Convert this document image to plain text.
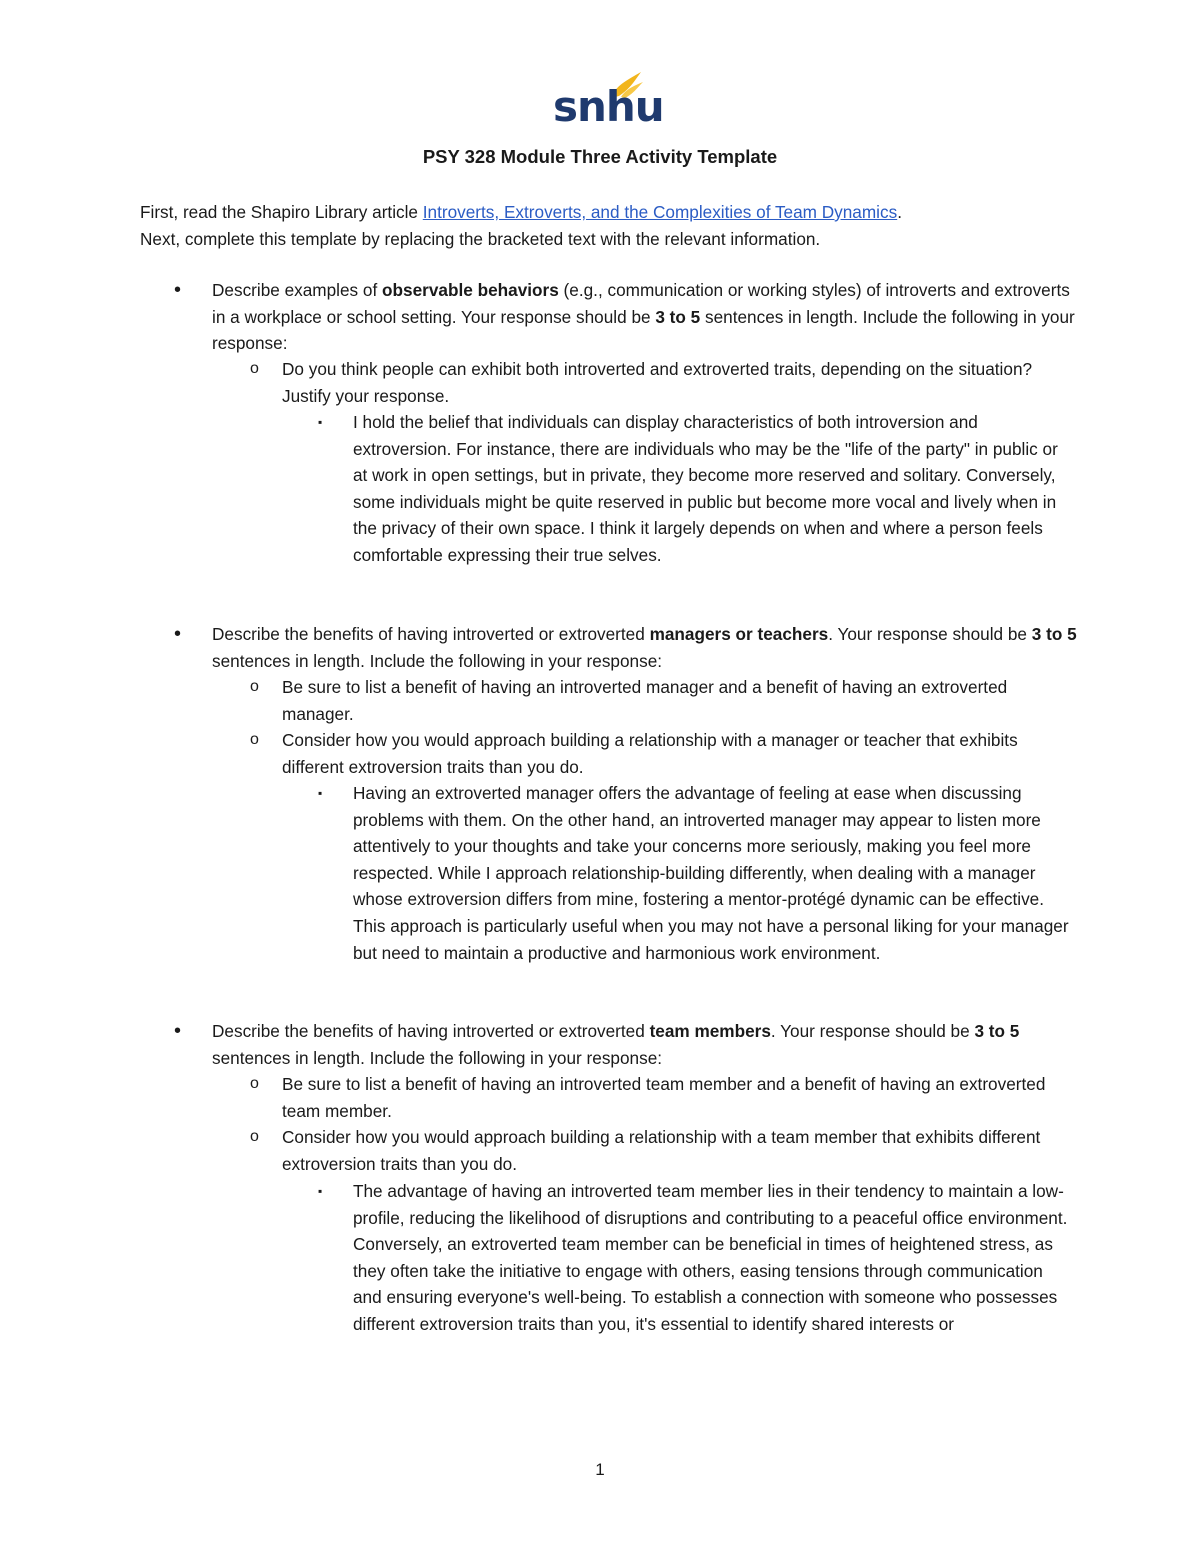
snhu
PSY 328 Module Three Activity Template
First, read the Shapiro Library article Introverts, Extroverts, and the Complexities of Team Dynamics.
Next, complete this template by replacing the bracketed text with the relevant information.
• Describe examples of observable behaviors (e.g., communication or working styles) of introverts and extroverts in a workplace or school setting. Your response should be 3 to 5 sentences in length. Include the following in your response:
o Do you think people can exhibit both introverted and extroverted traits, depending on the situation? Justify your response.
▪ I hold the belief that individuals can display characteristics of both introversion and extroversion. For instance, there are individuals who may be the "life of the party" in public or at work in open settings, but in private, they become more reserved and solitary. Conversely, some individuals might be quite reserved in public but become more vocal and lively when in the privacy of their own space. I think it largely depends on when and where a person feels comfortable expressing their true selves.
• Describe the benefits of having introverted or extroverted managers or teachers. Your response should be 3 to 5 sentences in length. Include the following in your response:
o Be sure to list a benefit of having an introverted manager and a benefit of having an extroverted manager.
o Consider how you would approach building a relationship with a manager or teacher that exhibits different extroversion traits than you do.
▪ Having an extroverted manager offers the advantage of feeling at ease when discussing problems with them. On the other hand, an introverted manager may appear to listen more attentively to your thoughts and take your concerns more seriously, making you feel more respected. While I approach relationship-building differently, when dealing with a manager whose extroversion differs from mine, fostering a mentor-protégé dynamic can be effective. This approach is particularly useful when you may not have a personal liking for your manager but need to maintain a productive and harmonious work environment.
• Describe the benefits of having introverted or extroverted team members. Your response should be 3 to 5 sentences in length. Include the following in your response:
o Be sure to list a benefit of having an introverted team member and a benefit of having an extroverted team member.
o Consider how you would approach building a relationship with a team member that exhibits different extroversion traits than you do.
▪ The advantage of having an introverted team member lies in their tendency to maintain a low-profile, reducing the likelihood of disruptions and contributing to a peaceful office environment. Conversely, an extroverted team member can be beneficial in times of heightened stress, as they often take the initiative to engage with others, easing tensions through communication and ensuring everyone's well-being. To establish a connection with someone who possesses different extroversion traits than you, it's essential to identify shared interests or
1
